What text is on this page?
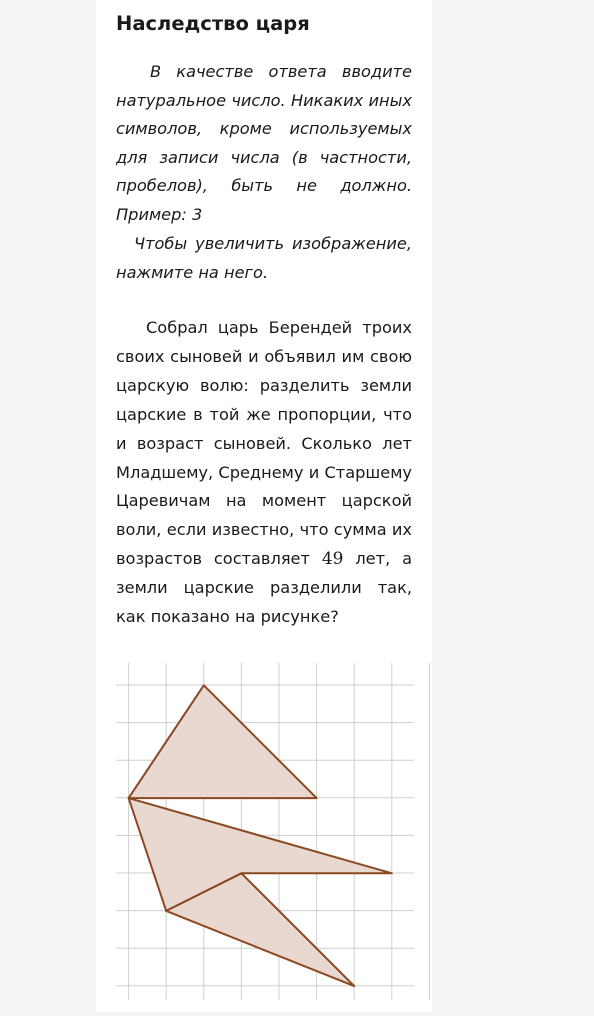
Наследство царя

В качестве ответа вводите натуральное число. Никаких иных символов, кроме используемых для записи числа (в частности, пробелов), быть не должно. Пример: 3

Чтобы увеличить изображение, нажмите на него.

Собрал царь Берендей троих своих сыновей и объявил им свою царскую волю: разделить земли царские в той же пропорции, что и возраст сыновей. Сколько лет Младшему, Среднему и Старшему Царевичам на момент царской воли, если известно, что сумма их возрастов составляет 49 лет, а земли царские разделили так, как показано на рисунке?
